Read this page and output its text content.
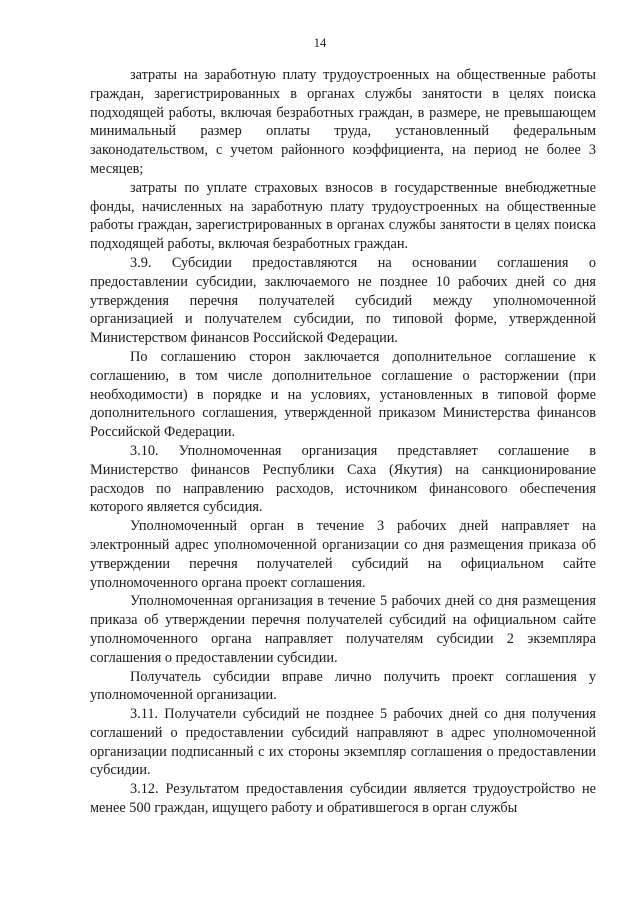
14

затраты на заработную плату трудоустроенных на общественные работы граждан, зарегистрированных в органах службы занятости в целях поиска подходящей работы, включая безработных граждан, в размере, не превышающем минимальный размер оплаты труда, установленный федеральным законодательством, с учетом районного коэффициента, на период не более 3 месяцев;

затраты по уплате страховых взносов в государственные внебюджетные фонды, начисленных на заработную плату трудоустроенных на общественные работы граждан, зарегистрированных в органах службы занятости в целях поиска подходящей работы, включая безработных граждан.

3.9. Субсидии предоставляются на основании соглашения о предоставлении субсидии, заключаемого не позднее 10 рабочих дней со дня утверждения перечня получателей субсидий между уполномоченной организацией и получателем субсидии, по типовой форме, утвержденной Министерством финансов Российской Федерации.

По соглашению сторон заключается дополнительное соглашение к соглашению, в том числе дополнительное соглашение о расторжении (при необходимости) в порядке и на условиях, установленных в типовой форме дополнительного соглашения, утвержденной приказом Министерства финансов Российской Федерации.

3.10. Уполномоченная организация представляет соглашение в Министерство финансов Республики Саха (Якутия) на санкционирование расходов по направлению расходов, источником финансового обеспечения которого является субсидия.

Уполномоченный орган в течение 3 рабочих дней направляет на электронный адрес уполномоченной организации со дня размещения приказа об утверждении перечня получателей субсидий на официальном сайте уполномоченного органа проект соглашения.

Уполномоченная организация в течение 5 рабочих дней со дня размещения приказа об утверждении перечня получателей субсидий на официальном сайте уполномоченного органа направляет получателям субсидии 2 экземпляра соглашения о предоставлении субсидии.

Получатель субсидии вправе лично получить проект соглашения у уполномоченной организации.

3.11. Получатели субсидий не позднее 5 рабочих дней со дня получения соглашений о предоставлении субсидий направляют в адрес уполномоченной организации подписанный с их стороны экземпляр соглашения о предоставлении субсидии.

3.12. Результатом предоставления субсидии является трудоустройство не менее 500 граждан, ищущего работу и обратившегося в орган службы
